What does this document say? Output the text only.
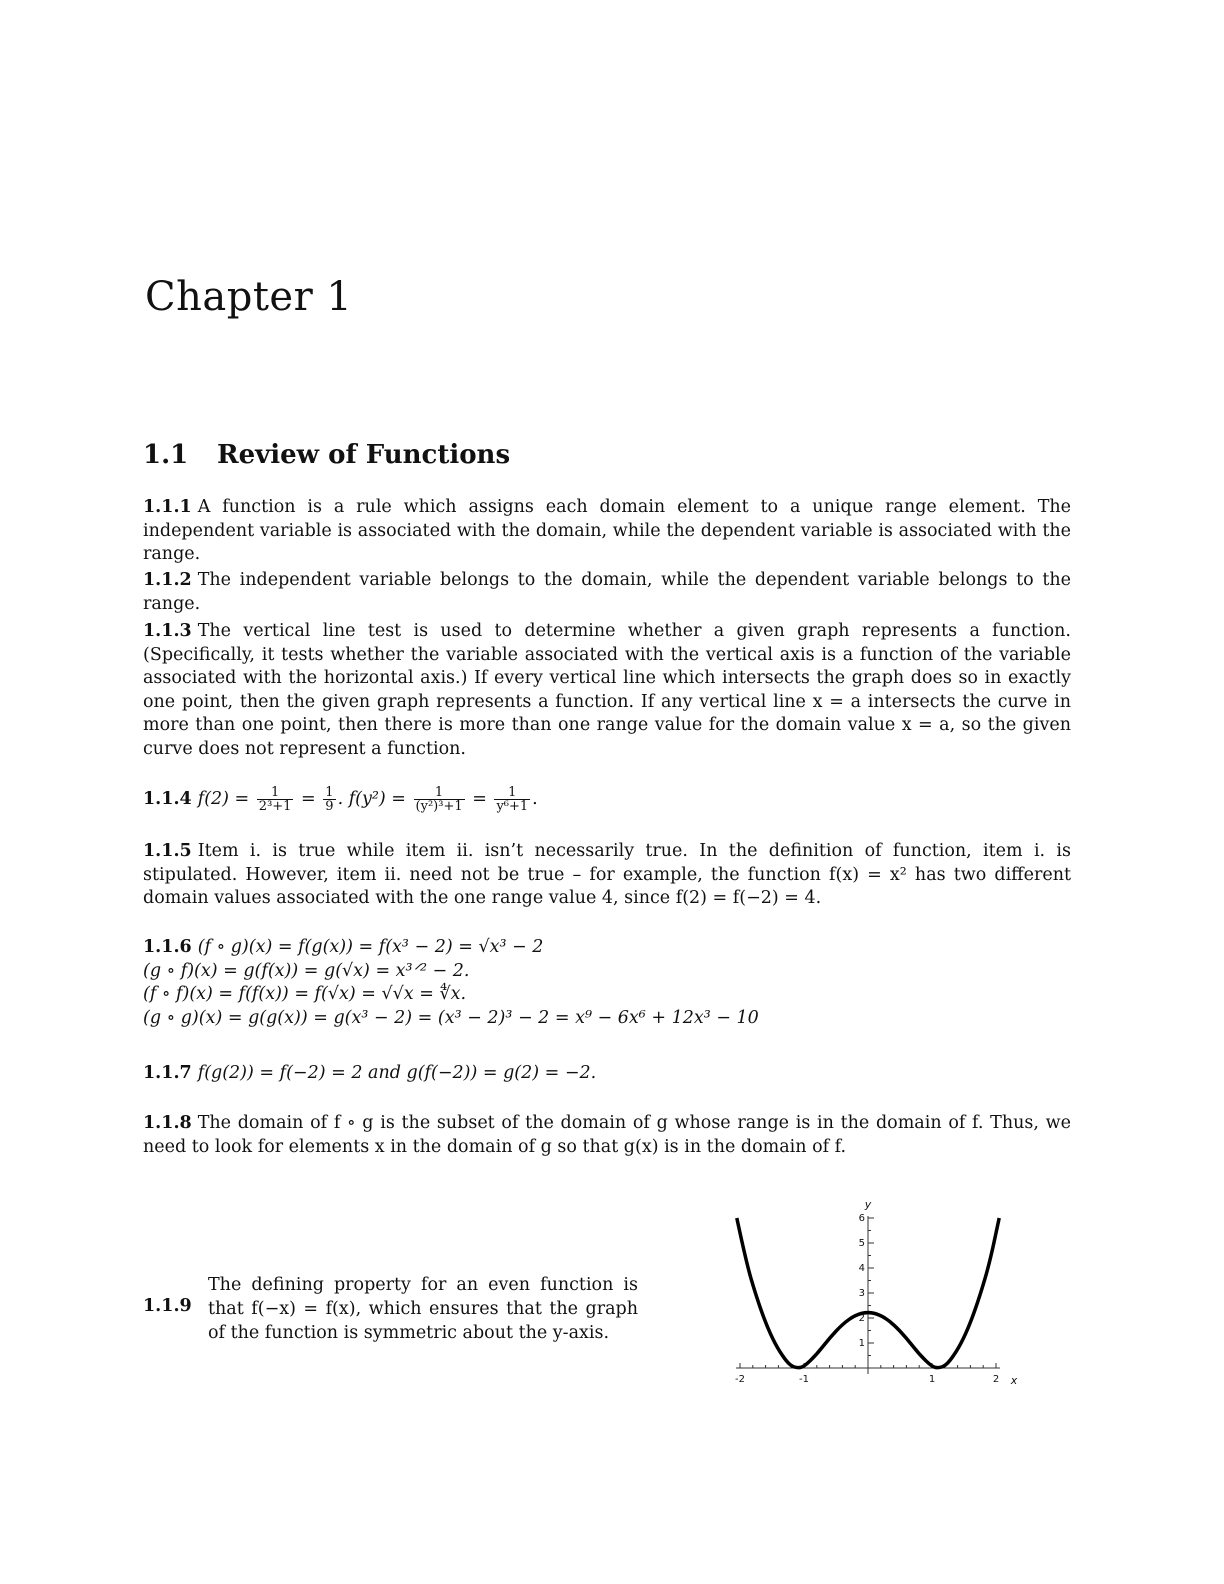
Chapter 1
1.1 Review of Functions

1.1.1 A function is a rule which assigns each domain element to a unique range element. The independent variable is associated with the domain, while the dependent variable is associated with the range.

1.1.2 The independent variable belongs to the domain, while the dependent variable belongs to the range.

1.1.3 The vertical line test is used to determine whether a given graph represents a function. (Specifically, it tests whether the variable associated with the vertical axis is a function of the variable associated with the horizontal axis.) If every vertical line which intersects the graph does so in exactly one point, then the given graph represents a function. If any vertical line x = a intersects the curve in more than one point, then there is more than one range value for the domain value x = a, so the given curve does not represent a function.

1.1.4 $f(2) = \frac{1}{\text{2³+1}} = \frac{1}{9}$ . $f(y^2) = \frac{1}{\text{(y²)³+1}} = \frac{1}{\text{y⁶+1}}$ .

1.1.5 Item i. is true while item ii. isn’t necessarily true. In the definition of function, item i. is stipulated. However, item ii. need not be true – for example, the function f(x) = x² has two different domain values associated with the one range value 4, since f(2) = f(−2) = 4.

1.1.6 (f ∘ g)(x) = f(g(x)) = f(x³ − 2) = √x³ − 2
(g ∘ f)(x) = g(f(x)) = g(√x) = x³ᐟ² − 2.
(f ∘ f)(x) = f(f(x)) = f(√x) = √√x = ∜x.
(g ∘ g)(x) = g(g(x)) = g(x³ − 2) = (x³ − 2)³ − 2 = x⁹ − 6x⁶ + 12x³ − 10

1.1.7 f(g(2)) = f(−2) = 2 and g(f(−2)) = g(2) = −2.

1.1.8 The domain of f ∘ g is the subset of the domain of g whose range is in the domain of f. Thus, we need to look for elements x in the domain of g so that g(x) is in the domain of f.

1.1.9

The defining property for an even function is that f(−x) = f(x), which ensures that the graph of the function is symmetric about the y-axis.

-2	-1	1	2
1
2
3
4
5
6
x
y
